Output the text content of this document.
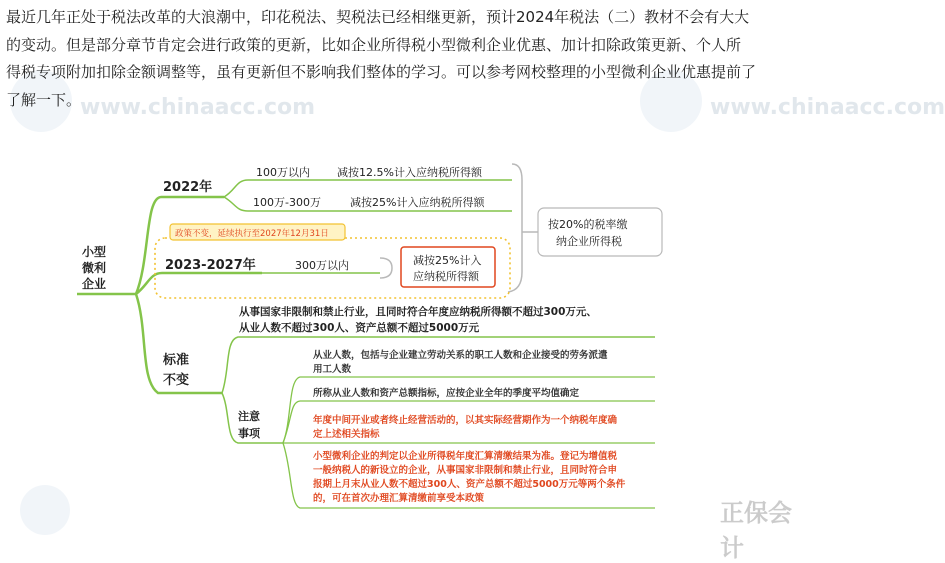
www.chinaacc.com	www.chinaacc.com
正保会计
最近几年正处于税法改革的大浪潮中，印花税法、契税法已经相继更新，预计2024年税法（二）教材不会有大大
的变动。但是部分章节肯定会进行政策的更新，比如企业所得税小型微利企业优惠、加计扣除政策更新、个人所
得税专项附加扣除金额调整等，虽有更新但不影响我们整体的学习。可以参考网校整理的小型微利企业优惠提前了
了解一下。
小型
微利
企业
2022年
100万以内 减按12.5%计入应纳税所得额
100万-300万	减按25%计入应纳税所得额
按20%的税率缴
纳企业所得税
政策不变，延续执行至2027年12月31日
2023-2027年	300万以内	减按25%计入
应纳税所得额
标准
不变
从事国家非限制和禁止行业，且同时符合年度应纳税所得额不超过300万元、
从业人数不超过300人、资产总额不超过5000万元
注意
事项
从业人数，包括与企业建立劳动关系的职工人数和企业接受的劳务派遣
用工人数
所称从业人数和资产总额指标，应按企业全年的季度平均值确定
年度中间开业或者终止经营活动的，以其实际经营期作为一个纳税年度确
定上述相关指标
小型微利企业的判定以企业所得税年度汇算清缴结果为准。登记为增值税
一般纳税人的新设立的企业，从事国家非限制和禁止行业，且同时符合申
报期上月末从业人数不超过300人、资产总额不超过5000万元等两个条件
的，可在首次办理汇算清缴前享受本政策
